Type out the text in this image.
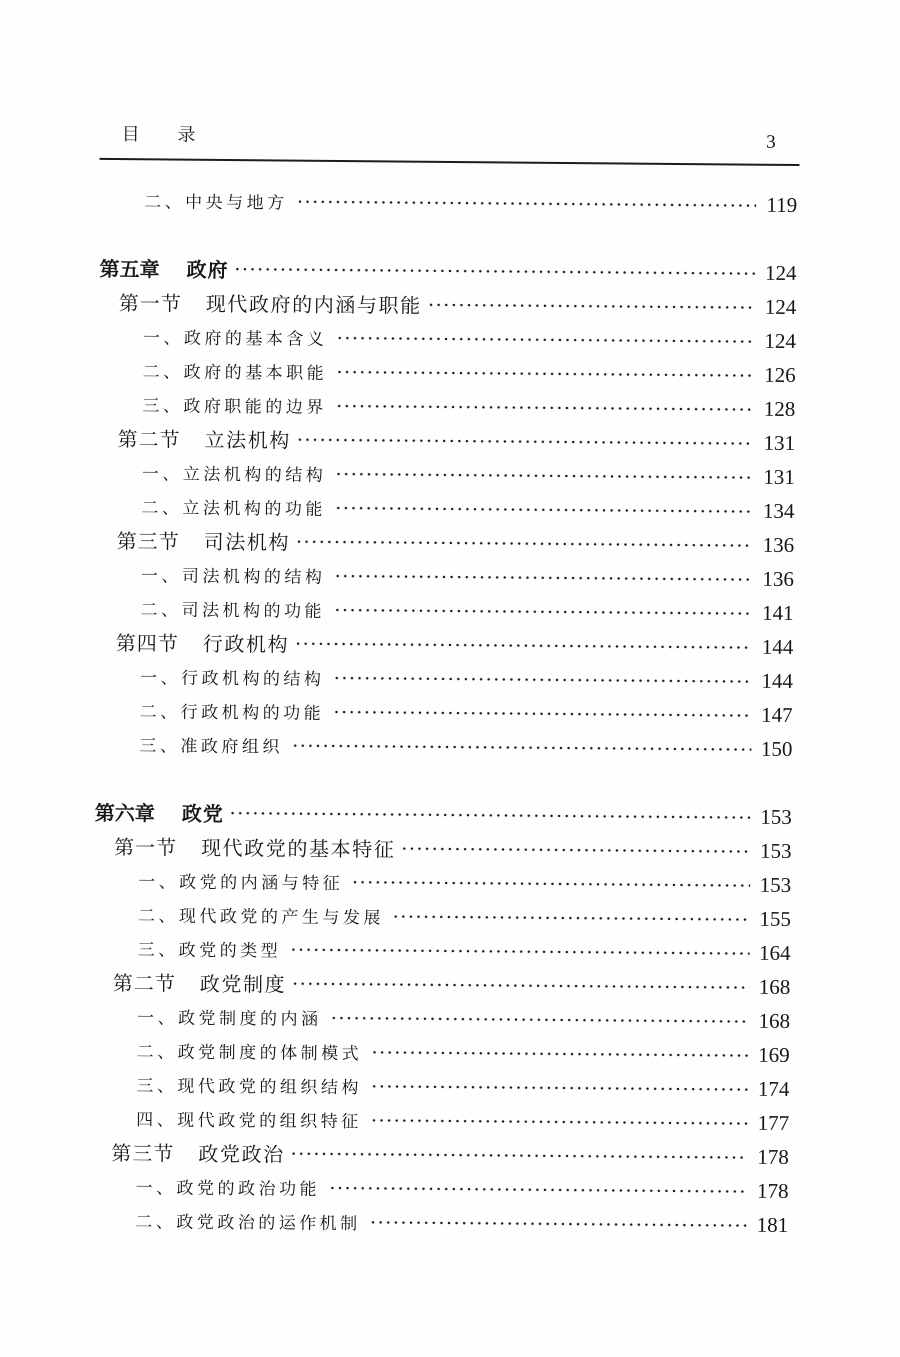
目 录	3
二、中央与地方	119
第五章 政府	124
第一节 现代政府的内涵与职能	124
一、政府的基本含义	124
二、政府的基本职能	126
三、政府职能的边界	128
第二节 立法机构	131
一、立法机构的结构	131
二、立法机构的功能	134
第三节 司法机构	136
一、司法机构的结构	136
二、司法机构的功能	141
第四节 行政机构	144
一、行政机构的结构	144
二、行政机构的功能	147
三、准政府组织	150
第六章 政党	153
第一节 现代政党的基本特征	153
一、政党的内涵与特征	153
二、现代政党的产生与发展	155
三、政党的类型	164
第二节 政党制度	168
一、政党制度的内涵	168
二、政党制度的体制模式	169
三、现代政党的组织结构	174
四、现代政党的组织特征	177
第三节 政党政治	178
一、政党的政治功能	178
二、政党政治的运作机制	181
